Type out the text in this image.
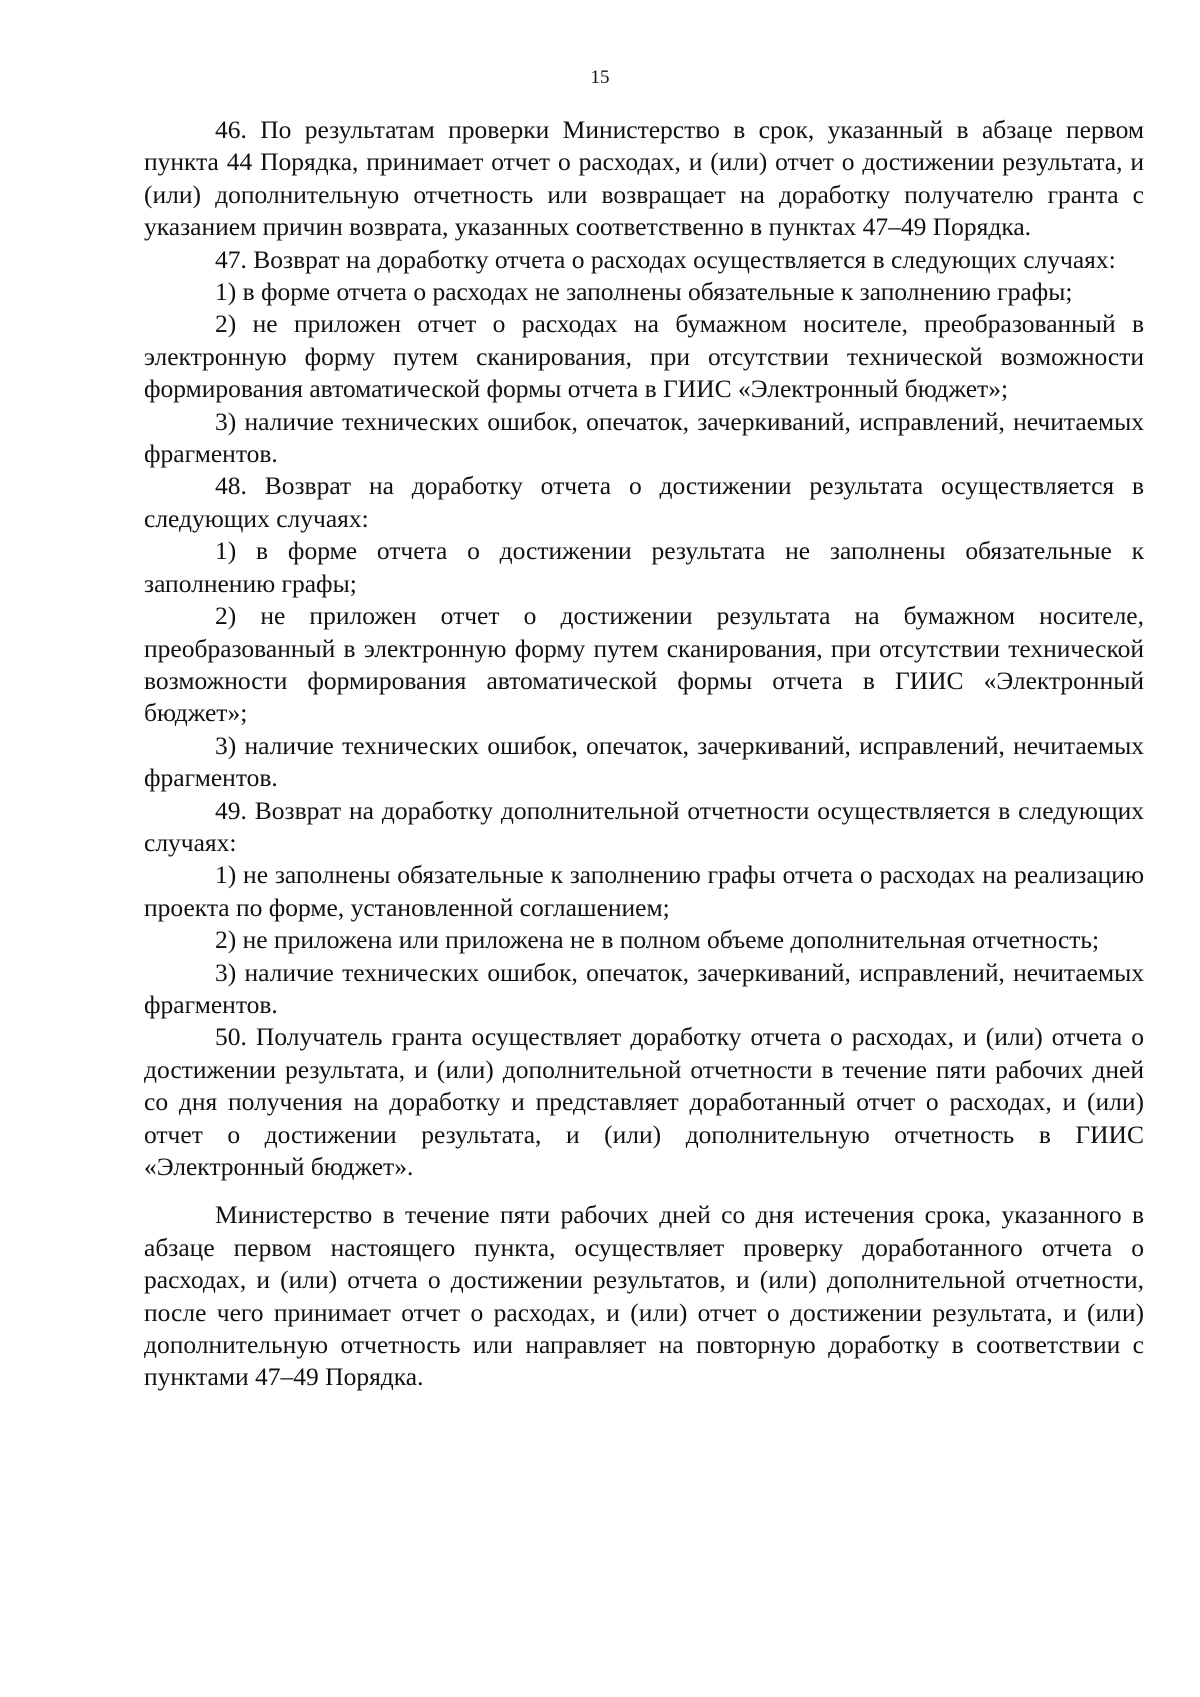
15

46. По результатам проверки Министерство в срок, указанный в абзаце первом пункта 44 Порядка, принимает отчет о расходах, и (или) отчет о достижении результата, и (или) дополнительную отчетность или возвращает на доработку получателю гранта с указанием причин возврата, указанных соответственно в пунктах 47–49 Порядка.

47. Возврат на доработку отчета о расходах осуществляется в следующих случаях:

1) в форме отчета о расходах не заполнены обязательные к заполнению графы;

2) не приложен отчет о расходах на бумажном носителе, преобразованный в электронную форму путем сканирования, при отсутствии технической возможности формирования автоматической формы отчета в ГИИС «Электронный бюджет»;

3) наличие технических ошибок, опечаток, зачеркиваний, исправлений, нечитаемых фрагментов.

48. Возврат на доработку отчета о достижении результата осуществляется в следующих случаях:

1) в форме отчета о достижении результата не заполнены обязательные к заполнению графы;

2) не приложен отчет о достижении результата на бумажном носителе, преобразованный в электронную форму путем сканирования, при отсутствии технической возможности формирования автоматической формы отчета в ГИИС «Электронный бюджет»;

3) наличие технических ошибок, опечаток, зачеркиваний, исправлений, нечитаемых фрагментов.

49. Возврат на доработку дополнительной отчетности осуществляется в следующих случаях:

1) не заполнены обязательные к заполнению графы отчета о расходах на реализацию проекта по форме, установленной соглашением;

2) не приложена или приложена не в полном объеме дополнительная отчетность;

3) наличие технических ошибок, опечаток, зачеркиваний, исправлений, нечитаемых фрагментов.

50. Получатель гранта осуществляет доработку отчета о расходах, и (или) отчета о достижении результата, и (или) дополнительной отчетности в течение пяти рабочих дней со дня получения на доработку и представляет доработанный отчет о расходах, и (или) отчет о достижении результата, и (или) дополнительную отчетность в ГИИС «Электронный бюджет».

Министерство в течение пяти рабочих дней со дня истечения срока, указанного в абзаце первом настоящего пункта, осуществляет проверку доработанного отчета о расходах, и (или) отчета о достижении результатов, и (или) дополнительной отчетности, после чего принимает отчет о расходах, и (или) отчет о достижении результата, и (или) дополнительную отчетность или направляет на повторную доработку в соответствии с пунктами 47–49 Порядка.
